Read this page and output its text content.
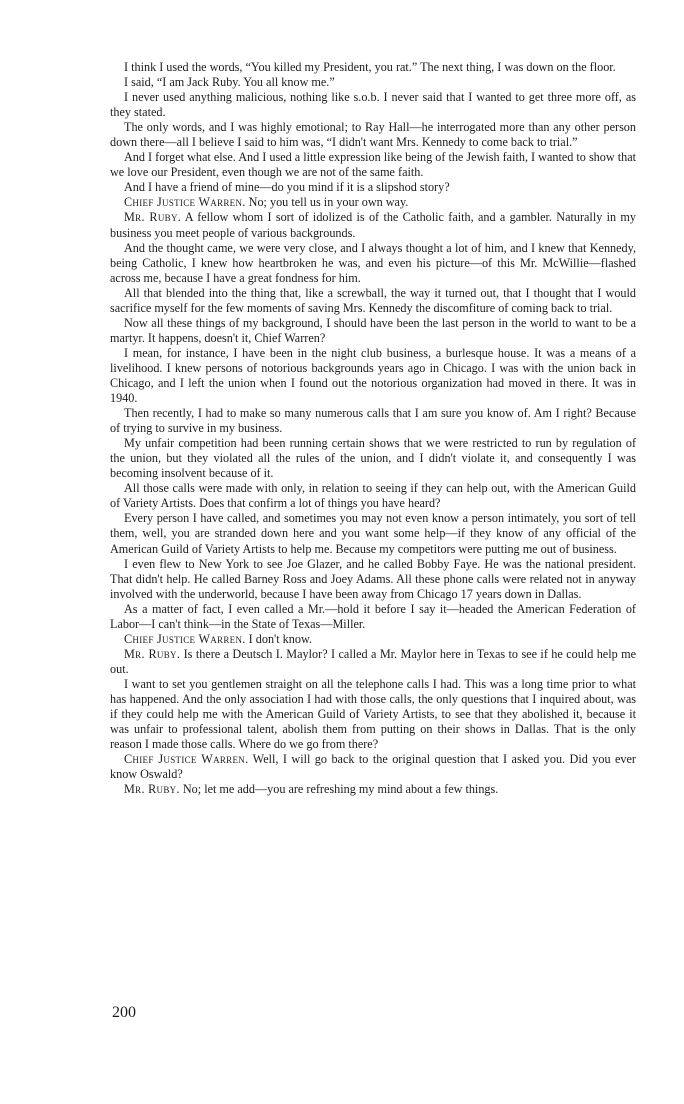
I think I used the words, “You killed my President, you rat.” The next thing, I was down on the floor.

I said, “I am Jack Ruby. You all know me.”

I never used anything malicious, nothing like s.o.b. I never said that I wanted to get three more off, as they stated.

The only words, and I was highly emotional; to Ray Hall—he interrogated more than any other person down there—all I believe I said to him was, “I didn't want Mrs. Kennedy to come back to trial.”

And I forget what else. And I used a little expression like being of the Jewish faith, I wanted to show that we love our President, even though we are not of the same faith.

And I have a friend of mine—do you mind if it is a slipshod story?

Chief Justice Warren. No; you tell us in your own way.

Mr. Ruby. A fellow whom I sort of idolized is of the Catholic faith, and a gambler. Naturally in my business you meet people of various backgrounds.

And the thought came, we were very close, and I always thought a lot of him, and I knew that Kennedy, being Catholic, I knew how heartbroken he was, and even his picture—of this Mr. McWillie—flashed across me, because I have a great fondness for him.

All that blended into the thing that, like a screwball, the way it turned out, that I thought that I would sacrifice myself for the few moments of saving Mrs. Kennedy the discomfiture of coming back to trial.

Now all these things of my background, I should have been the last person in the world to want to be a martyr. It happens, doesn't it, Chief Warren?

I mean, for instance, I have been in the night club business, a burlesque house. It was a means of a livelihood. I knew persons of notorious backgrounds years ago in Chicago. I was with the union back in Chicago, and I left the union when I found out the notorious organization had moved in there. It was in 1940.

Then recently, I had to make so many numerous calls that I am sure you know of. Am I right? Because of trying to survive in my business.

My unfair competition had been running certain shows that we were restricted to run by regulation of the union, but they violated all the rules of the union, and I didn't violate it, and consequently I was becoming insolvent because of it.

All those calls were made with only, in relation to seeing if they can help out, with the American Guild of Variety Artists. Does that confirm a lot of things you have heard?

Every person I have called, and sometimes you may not even know a person intimately, you sort of tell them, well, you are stranded down here and you want some help—if they know of any official of the American Guild of Variety Artists to help me. Because my competitors were putting me out of business.

I even flew to New York to see Joe Glazer, and he called Bobby Faye. He was the national president. That didn't help. He called Barney Ross and Joey Adams. All these phone calls were related not in anyway involved with the underworld, because I have been away from Chicago 17 years down in Dallas.

As a matter of fact, I even called a Mr.—hold it before I say it—headed the American Federation of Labor—I can't think—in the State of Texas—Miller.

Chief Justice Warren. I don't know.

Mr. Ruby. Is there a Deutsch I. Maylor? I called a Mr. Maylor here in Texas to see if he could help me out.

I want to set you gentlemen straight on all the telephone calls I had. This was a long time prior to what has happened. And the only association I had with those calls, the only questions that I inquired about, was if they could help me with the American Guild of Variety Artists, to see that they abolished it, because it was unfair to professional talent, abolish them from putting on their shows in Dallas. That is the only reason I made those calls. Where do we go from there?

Chief Justice Warren. Well, I will go back to the original question that I asked you. Did you ever know Oswald?

Mr. Ruby. No; let me add—you are refreshing my mind about a few things.

200
